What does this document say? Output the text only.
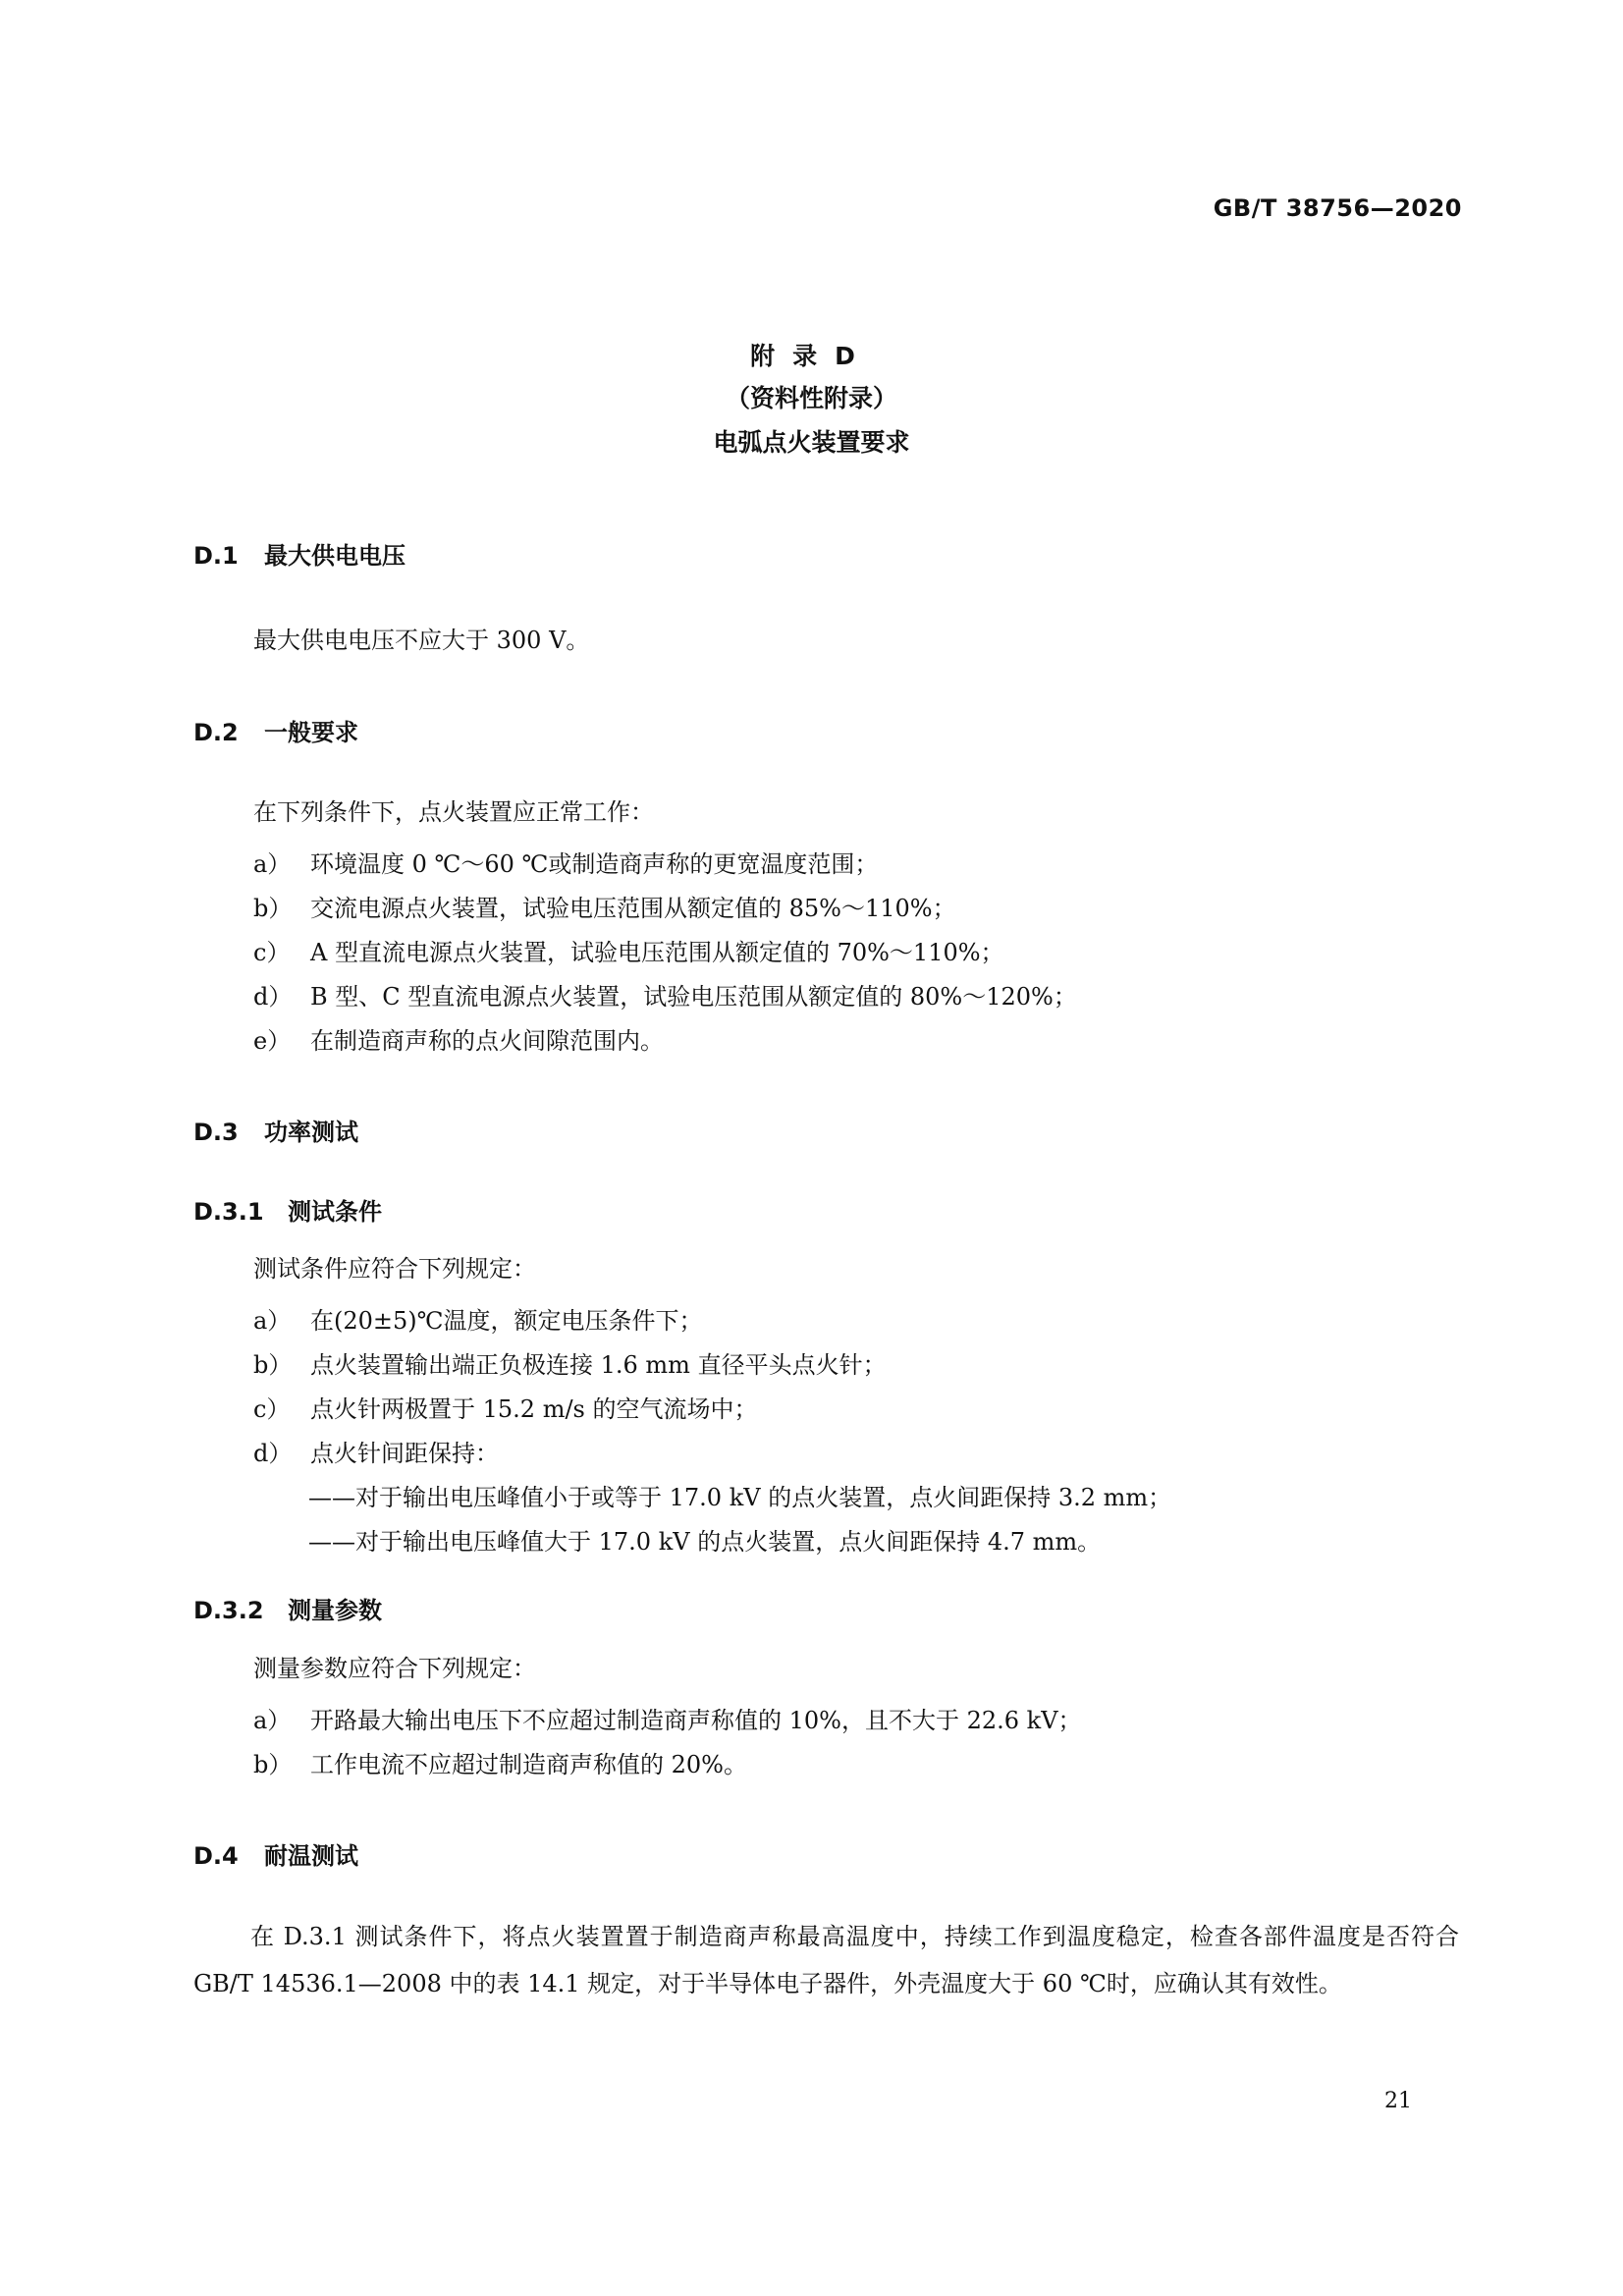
GB/T 38756—2020
附录D
（资料性附录）
电弧点火装置要求
D.1 最大供电电压
最大供电电压不应大于 300 V。
D.2 一般要求
在下列条件下，点火装置应正常工作：
a） 环境温度 0 ℃～60 ℃或制造商声称的更宽温度范围；
b） 交流电源点火装置，试验电压范围从额定值的 85%～110%；
c） A 型直流电源点火装置，试验电压范围从额定值的 70%～110%；
d） B 型、C 型直流电源点火装置，试验电压范围从额定值的 80%～120%；
e） 在制造商声称的点火间隙范围内。
D.3 功率测试
D.3.1 测试条件
测试条件应符合下列规定：
a） 在(20±5)℃温度，额定电压条件下；
b） 点火装置输出端正负极连接 1.6 mm 直径平头点火针；
c） 点火针两极置于 15.2 m/s 的空气流场中；
d） 点火针间距保持：
——对于输出电压峰值小于或等于 17.0 kV 的点火装置，点火间距保持 3.2 mm；
——对于输出电压峰值大于 17.0 kV 的点火装置，点火间距保持 4.7 mm。
D.3.2 测量参数
测量参数应符合下列规定：
a） 开路最大输出电压下不应超过制造商声称值的 10%，且不大于 22.6 kV；
b） 工作电流不应超过制造商声称值的 20%。
D.4 耐温测试
在 D.3.1 测试条件下，将点火装置置于制造商声称最高温度中，持续工作到温度稳定，检查各部件温度是否符合 GB/T 14536.1—2008 中的表 14.1 规定，对于半导体电子器件，外壳温度大于 60 ℃时，应确认其有效性。
21
